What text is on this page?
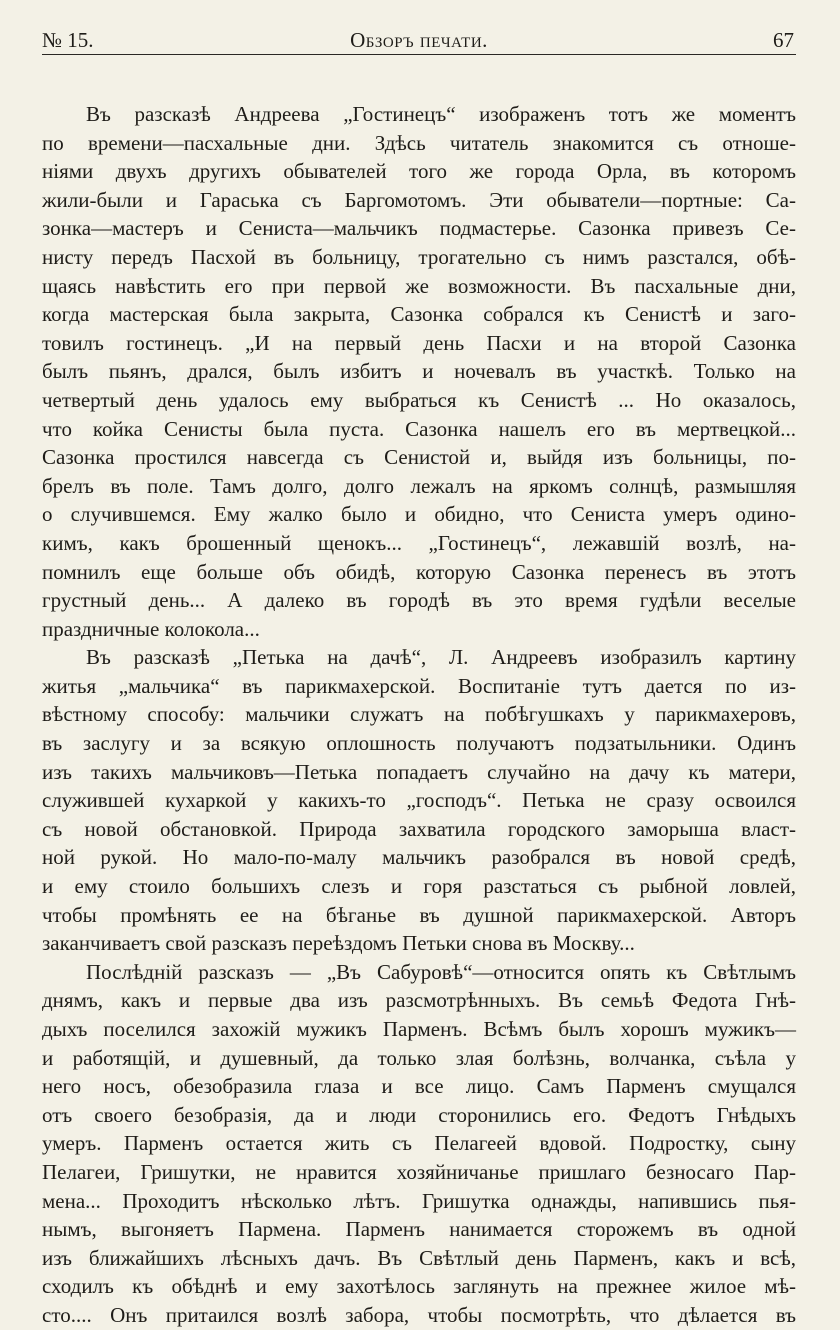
№ 15.	Обзоръ печати.	67
Въ разсказѣ Андреева „Гостинецъ“ изображенъ тотъ же моментъ
по времени—пасхальные дни. Здѣсь читатель знакомится съ отноше-
ніями двухъ другихъ обывателей того же города Орла, въ которомъ
жили-были и Гараська съ Баргомотомъ. Эти обыватели—портные: Са-
зонка—мастеръ и Сениста—мальчикъ подмастерье. Сазонка привезъ Се-
нисту передъ Пасхой въ больницу, трогательно съ нимъ разстался, обѣ-
щаясь навѣстить его при первой же возможности. Въ пасхальные дни,
когда мастерская была закрыта, Сазонка собрался къ Сенистѣ и заго-
товилъ гостинецъ. „И на первый день Пасхи и на второй Сазонка
былъ пьянъ, дрался, былъ избитъ и ночевалъ въ участкѣ. Только на
четвертый день удалось ему выбраться къ Сенистѣ ... Но оказалось,
что койка Сенисты была пуста. Сазонка нашелъ его въ мертвецкой...
Сазонка простился навсегда съ Сенистой и, выйдя изъ больницы, по-
брелъ въ поле. Тамъ долго, долго лежалъ на яркомъ солнцѣ, размышляя
о случившемся. Ему жалко было и обидно, что Сениста умеръ одино-
кимъ, какъ брошенный щенокъ... „Гостинецъ“, лежавшій возлѣ, на-
помнилъ еще больше объ обидѣ, которую Сазонка перенесъ въ этотъ
грустный день... А далеко въ городѣ въ это время гудѣли веселые
праздничные колокола...
Въ разсказѣ „Петька на дачѣ“, Л. Андреевъ изобразилъ картину
житья „мальчика“ въ парикмахерской. Воспитаніе тутъ дается по из-
вѣстному способу: мальчики служатъ на побѣгушкахъ у парикмахеровъ,
въ заслугу и за всякую оплошность получаютъ подзатыльники. Одинъ
изъ такихъ мальчиковъ—Петька попадаетъ случайно на дачу къ матери,
служившей кухаркой у какихъ-то „господъ“. Петька не сразу освоился
съ новой обстановкой. Природа захватила городского заморыша власт-
ной рукой. Но мало-по-малу мальчикъ разобрался въ новой средѣ,
и ему стоило большихъ слезъ и горя разстаться съ рыбной ловлей,
чтобы промѣнять ее на бѣганье въ душной парикмахерской. Авторъ
заканчиваетъ свой разсказъ переѣздомъ Петьки снова въ Москву...
Послѣдній разсказъ — „Въ Сабуровѣ“—относится опять къ Свѣтлымъ
днямъ, какъ и первые два изъ разсмотрѣнныхъ. Въ семьѣ Федота Гнѣ-
дыхъ поселился захожій мужикъ Парменъ. Всѣмъ былъ хорошъ мужикъ—
и работящій, и душевный, да только злая болѣзнь, волчанка, съѣла у
него носъ, обезобразила глаза и все лицо. Самъ Парменъ смущался
отъ своего безобразія, да и люди сторонились его. Федотъ Гнѣдыхъ
умеръ. Парменъ остается жить съ Пелагеей вдовой. Подростку, сыну
Пелагеи, Гришутки, не нравится хозяйничанье пришлаго безносаго Пар-
мена... Проходитъ нѣсколько лѣтъ. Гришутка однажды, напившись пья-
нымъ, выгоняетъ Пармена. Парменъ нанимается сторожемъ въ одной
изъ ближайшихъ лѣсныхъ дачъ. Въ Свѣтлый день Парменъ, какъ и всѣ,
сходилъ къ обѣднѣ и ему захотѣлось заглянуть на прежнее жилое мѣ-
сто.... Онъ притаился возлѣ забора, чтобы посмотрѣть, что дѣлается въ
